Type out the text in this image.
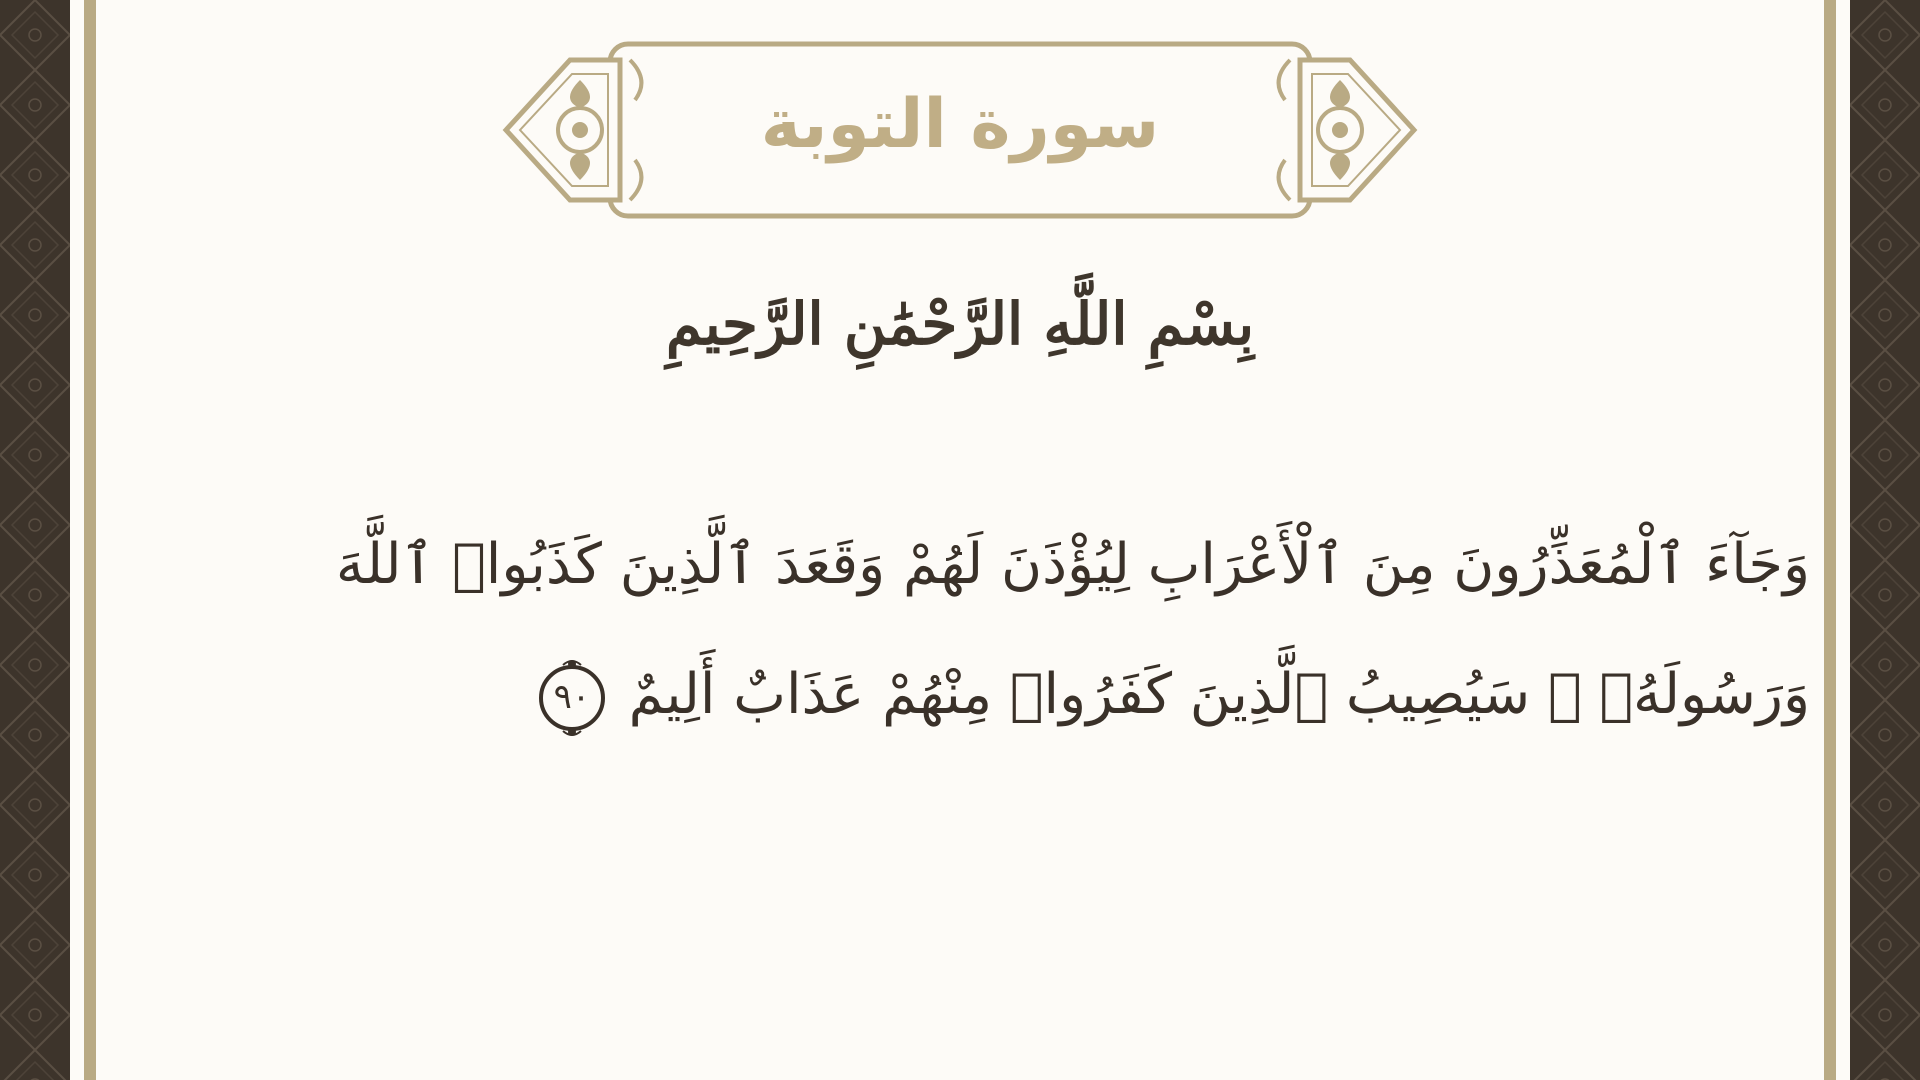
سورة التوبة
بِسْمِ اللَّهِ الرَّحْمَٰنِ الرَّحِيمِ
وَجَآءَ ٱلْمُعَذِّرُونَ مِنَ ٱلْأَعْرَابِ لِيُؤْذَنَ لَهُمْ وَقَعَدَ ٱلَّذِينَ كَذَبُوا۟ ٱللَّهَ
وَرَسُولَهُۥ ۚ سَيُصِيبُ ٱلَّذِينَ كَفَرُوا۟ مِنْهُمْ عَذَابٌ أَلِيمٌ
٩٠
